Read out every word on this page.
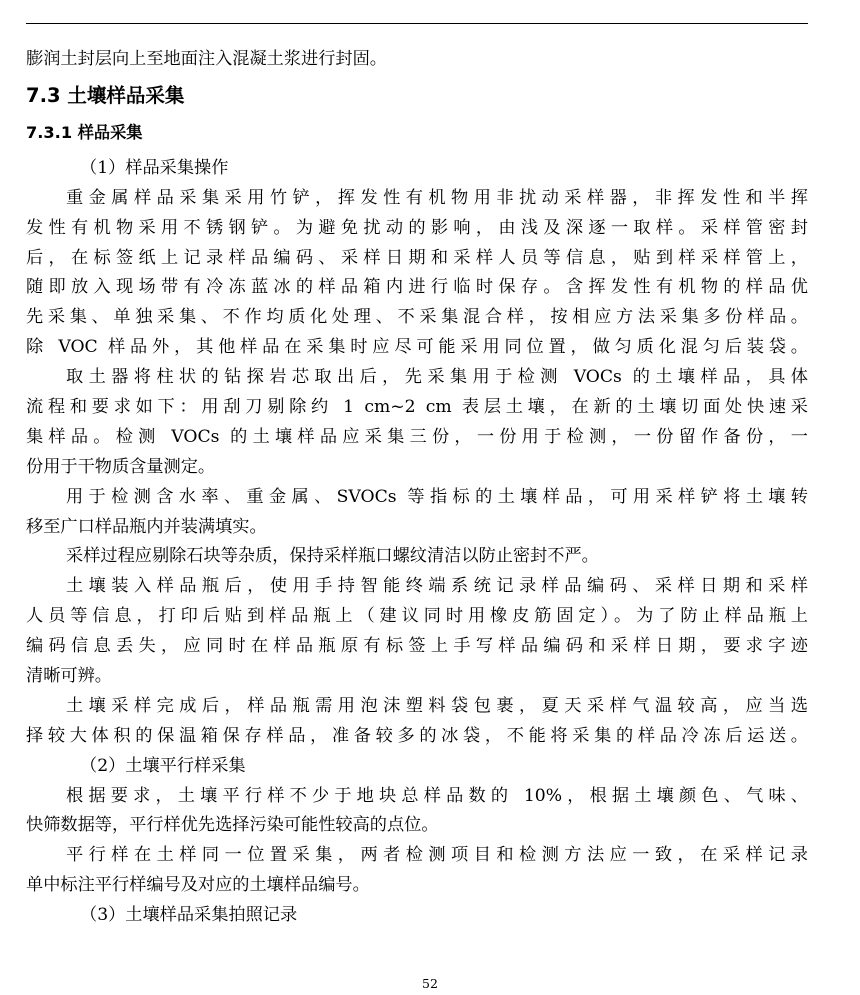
膨润土封层向上至地面注入混凝土浆进行封固。
7.3 土壤样品采集
7.3.1 样品采集
（1）样品采集操作
重金属样品采集采用竹铲，挥发性有机物用非扰动采样器，非挥发性和半挥
发性有机物采用不锈钢铲。为避免扰动的影响，由浅及深逐一取样。采样管密封
后，在标签纸上记录样品编码、采样日期和采样人员等信息，贴到样采样管上，
随即放入现场带有冷冻蓝冰的样品箱内进行临时保存。含挥发性有机物的样品优
先采集、单独采集、不作均质化处理、不采集混合样，按相应方法采集多份样品。
除 VOC 样品外，其他样品在采集时应尽可能采用同位置，做匀质化混匀后装袋。
取土器将柱状的钻探岩芯取出后，先采集用于检测 VOCs 的土壤样品，具体
流程和要求如下：用刮刀剔除约 1 cm~2 cm 表层土壤，在新的土壤切面处快速采
集样品。检测 VOCs 的土壤样品应采集三份，一份用于检测，一份留作备份，一
份用于干物质含量测定。
用于检测含水率、重金属、SVOCs 等指标的土壤样品，可用采样铲将土壤转
移至广口样品瓶内并装满填实。
采样过程应剔除石块等杂质，保持采样瓶口螺纹清洁以防止密封不严。
土壤装入样品瓶后，使用手持智能终端系统记录样品编码、采样日期和采样
人员等信息，打印后贴到样品瓶上（建议同时用橡皮筋固定）。为了防止样品瓶上
编码信息丢失，应同时在样品瓶原有标签上手写样品编码和采样日期，要求字迹
清晰可辨。
土壤采样完成后，样品瓶需用泡沫塑料袋包裹，夏天采样气温较高，应当选
择较大体积的保温箱保存样品，准备较多的冰袋，不能将采集的样品冷冻后运送。
（2）土壤平行样采集
根据要求，土壤平行样不少于地块总样品数的 10%，根据土壤颜色、气味、
快筛数据等，平行样优先选择污染可能性较高的点位。
平行样在土样同一位置采集，两者检测项目和检测方法应一致，在采样记录
单中标注平行样编号及对应的土壤样品编号。
（3）土壤样品采集拍照记录
52
